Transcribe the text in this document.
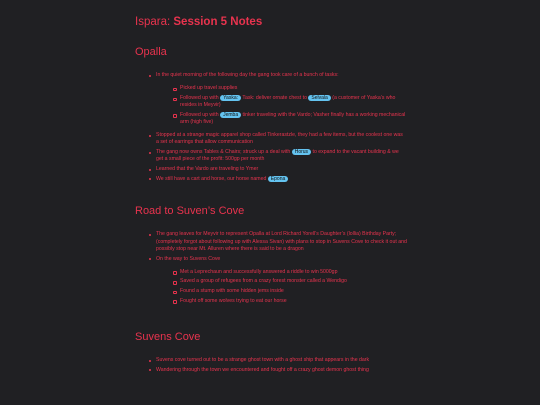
Ispara: Session 5 Notes
Opalla
In the quiet morning of the following day the gang took care of a bunch of tasks:
Picked up travel supplies
Followed up with Yaska: Task: deliver ornate chest to Selvala (a customer of Yaska’s who resides in Meyvir)
Followed up with Jemba tinker traveling with the Vardo; Vasher finally has a working mechanical arm (high five)
Stopped at a strange magic apparel shop called Tinkerastzle, they had a few items, but the coolest one was a set of earrings that allow communication
The gang now owns Tables & Chairs; struck up a deal with Horus to expand to the vacant building & we get a small piece of the profit: 500gp per month
Learned that the Vardo are traveling to Ymer
We still have a cart and horse, our horse named Epona
Road to Suven’s Cove
The gang leaves for Meyvir to represent Opalla at Lord Richard Yorell’s Daughter’s (lollia) Birthday Party; (completely forgot about following up with Alessa Sivan) with plans to stop in Suvens Cove to check it out and possibly stop near Mt. Alluren where there is said to be a dragon
On the way to Suvens Cove
Met a Leprechaun and successfully answered a riddle to win 5000gp
Saved a group of refugees from a crazy forest monster called a Wendigo
Found a stump with some hidden jems inside
Fought off some wolves trying to eat our horse
Suvens Cove
Suvens cove turned out to be a strange ghost town with a ghost ship that appears in the dark
Wandering through the town we encountered and fought off a crazy ghost demon ghost thing
